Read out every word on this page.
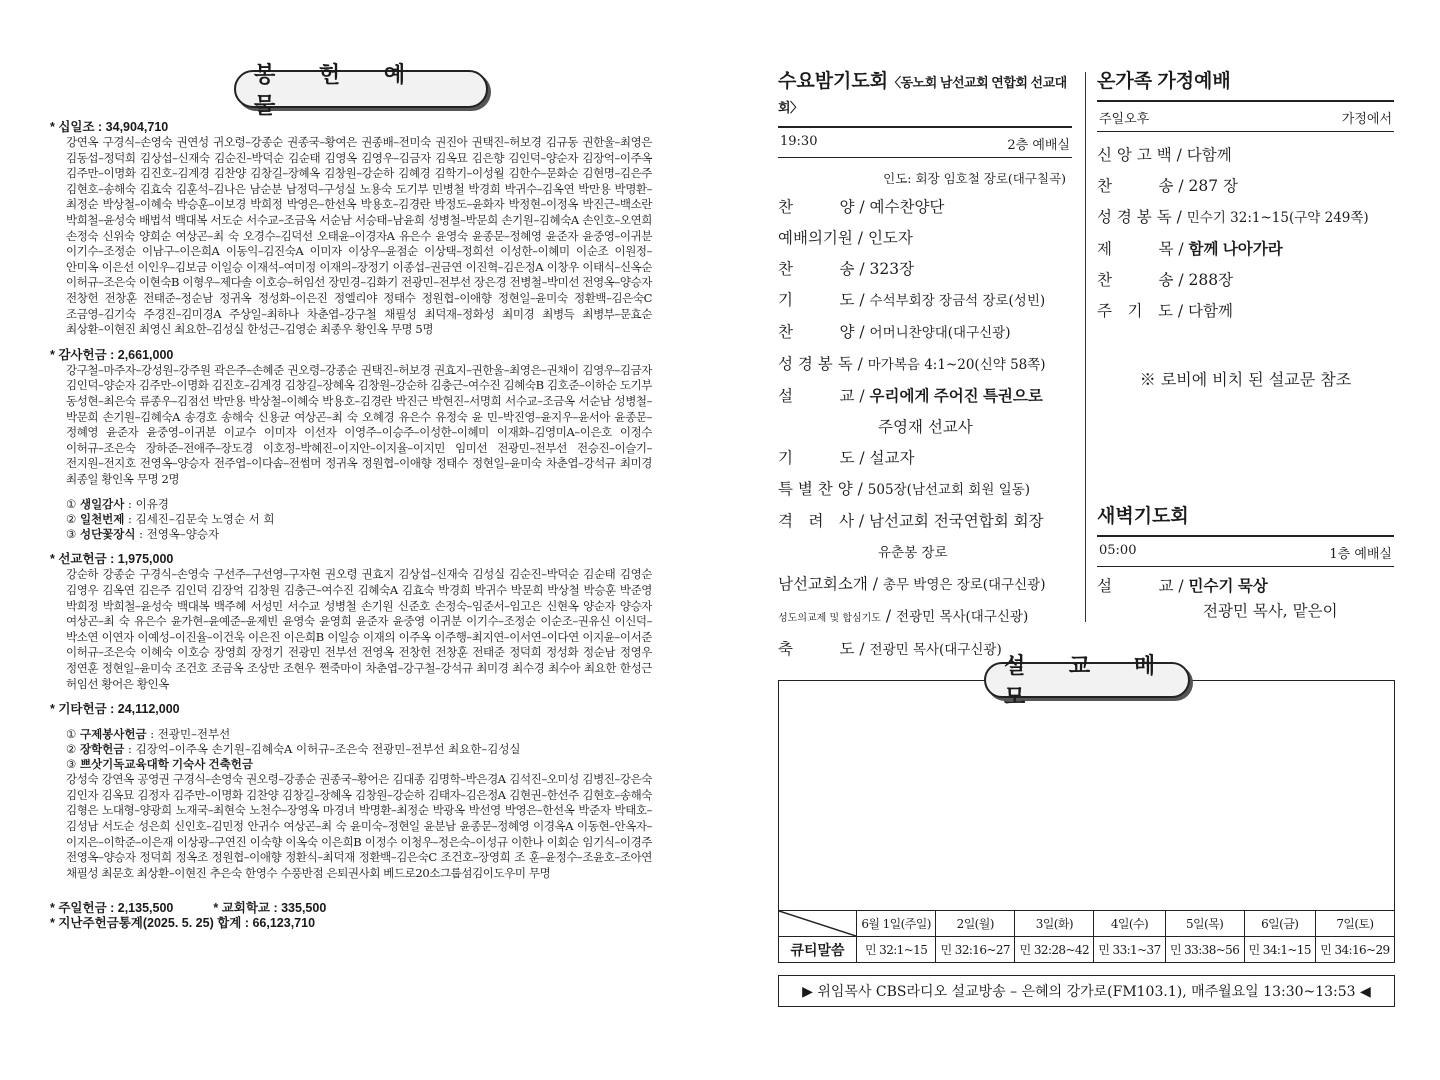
봉 헌 예 물
* 십일조 : 34,904,710
강연옥 구경식–손영숙 권연성 귀오령–강종순 권종국–황여은 권종배–전미숙 권진아 권택진–허보경 김규동 권한울–최영은 김동섭–정덕희 김상섭–신재숙 김순진–박덕순 김순태 김영옥 김영우–김금자 김옥묘 김은향 김인덕–양순자 김장억–이주옥 김주만–이명화 김진호–김계경 김찬양 김창길–장혜옥 김창원–강순하 김혜경 김학기–이성월 김한수–문화순 김현명–김은주 김현호–송해숙 김효숙 김훈석–김나은 남순분 남정덕–구성실 노용숙 도기부 민병철 박경희 박귀수–김옥연 박만용 박명환–최정순 박상철–이혜숙 박승훈–이보경 박희정 박영은–한선옥 박용호–김경란 박정도–윤화자 박정현–이정옥 박진근–백소란 박희철–윤성숙 배법석 백대복 서도순 서수교–조금옥 서순남 서승태–남윤희 성병철–박문희 손기원–김혜숙A 손인호–오연희 손정숙 신위숙 양희순 여상곤–최 숙 오경수–김덕선 오태윤–이경자A 유은수 윤영숙 윤종문–정혜영 윤준자 윤중영–이귀분 이기수–조정순 이남구–이은희A 이동익–김진숙A 이미자 이상우–윤점순 이상택–정희선 이성한–이혜미 이순조 이원정–안미옥 이은선 이인우–김보금 이일승 이재석–여미정 이재의–장정기 이종섭–권금연 이진혁–김은정A 이창우 이태식–신옥순 이허규–조은숙 이현숙B 이형우–제다솔 이호승–허임선 장민경–김화기 전광민–전부선 장은경 전병철–박미선 전영옥–양승자 전창헌 전창훈 전태준–정순남 정귀옥 정성화–이은진 정엘리야 정태수 정원협–이애향 정현일–윤미숙 정환백–김은숙C 조금영–김기숙 주경진–김미경A 주상일–최하나 차춘엽–강구철 채필성 최덕재–정화성 최미경 최병득 최병부–문효순 최상환–이현진 최영신 최요한–김성실 한성근–김영순 최종우 황인옥 무명 5명
* 감사헌금 : 2,661,000
강구철–마주자–강성원–강주원 곽은주–손혜준 권오령–강종순 권택진–허보경 권효지–권한울–최영은–권채이 김영우–김금자 김인덕–양순자 김주만–이명화 김진호–김계경 김창길–장혜옥 김창원–강순하 김충근–여수진 김혜숙B 김호준–이하순 도기부 동성현–최은숙 류종우–김점선 박만용 박상철–이혜숙 박용호–김경란 박진근 박현진–서명희 서수교–조금옥 서순남 성병철–박문희 손기원–김혜숙A 송경호 송해숙 신용균 여상곤–최 숙 오혜경 유은수 유정숙 윤 민–박진영–윤지우–윤서아 윤종문–정혜영 윤준자 윤중영–이귀분 이교수 이미자 이선자 이영주–이승주–이성한–이혜미 이재화–김영미A–이은호 이정수 이허규–조은숙 장하준–전애주–장도경 이호정–박혜진–이지안–이지율–이지민 임미선 전광민–전부선 전승진–이슬기–전지원–전지호 전영옥–양승자 전주엽–이다솜–전썸머 정귀옥 정원협–이애향 정태수 정현일–윤미숙 차춘엽–강석규 최미경 최종일 황인옥 무명 2명
① 생일감사 : 이유경
② 일천번제 : 김세진–김문숙 노영순 서 희
③ 성단꽃장식 : 전영옥–양승자
* 선교헌금 : 1,975,000
강순하 강종순 구경식–손영숙 구선주–구선영–구자현 권오령 권효지 김상섭–신재숙 김성실 김순진–박덕순 김순태 김영순 김영우 김옥연 김은주 김인덕 김장억 김창원 김충근–여수진 김혜숙A 김효숙 박경희 박귀수 박문희 박상철 박승훈 박준영 박희정 박희철–윤성숙 백대복 백주혜 서성민 서수교 성병철 손기원 신준호 손정숙–임준서–임고은 신현옥 양순자 양승자 여상곤–최 숙 유은수 윤가현–윤예준–윤제빈 윤영숙 윤영희 윤준자 윤중영 이귀분 이기수–조정순 이순조–권유신 이신덕–박소연 이연자 이예성–이진율–이건욱 이은진 이은희B 이일승 이재의 이주옥 이주행–최지연–이서연–이다연 이지윤–이서준 이허규–조은숙 이혜숙 이호승 장영희 장정기 전광민 전부선 전영옥 전창헌 전창훈 전태준 정덕희 정성화 정순남 정영우 정연훈 정현일–윤미숙 조건호 조금옥 조상만 조현우 쩐죽마이 차춘엽–강구철–강석규 최미경 최수경 최수아 최요한 한성근 허임선 황어은 황인옥
* 기타헌금 : 24,112,000
① 구제봉사헌금 : 전광민–전부선
② 장학헌금 : 김장억–이주옥 손기원–김혜숙A 이허규–조은숙 전광민–전부선 최요한–김성실
③ 쁘삿기독교육대학 기숙사 건축헌금
강성숙 강연옥 공영권 구경식–손영숙 권오령–강종순 권종국–황어은 김대종 김명학–박은경A 김석진–오미성 김병진–강은숙 김인자 김옥묘 김정자 김주만–이명화 김찬양 김창길–장혜옥 김창원–강순하 김태자–김은정A 김현권–한선주 김현호–송해숙 김형은 노대형–양광희 노재국–최현숙 노천수–장영옥 마경녀 박명환–최정순 박광옥 박선영 박영은–한선옥 박준자 박태호–김성남 서도순 성은희 신인호–김민정 안귀수 여상곤–최 숙 윤미숙–정현일 윤분남 윤종문–정혜영 이경옥A 이동현–안옥자–이지은–이학준–이은재 이상광–구연진 이숙향 이옥숙 이은희B 이정수 이청우–정은숙–이성규 이한나 이회순 임기식–이경주 전영옥–양승자 정덕희 정옥조 정원협–이애향 정환식–최덕재 정환백–김은숙C 조건호–장영희 조 훈–윤정수–조윤호–조아연 채필성 최문호 최상환–이현진 추은숙 한영수 수풍반점 은퇴권사회 베드로20소그룹섬김이도우미 무명
* 주일헌금 : 2,135,500	* 교회학교 : 335,500
* 지난주헌금통계(2025. 5. 25) 합계 : 66,123,710
수요밤기도회〈동노회 남선교회 연합회 선교대회〉
19:30	2층 예배실
인도: 회장 임호철 장로(대구칠곡)
찬　　　양 / 예수찬양단
예배의기원 / 인도자
찬　　　송 / 323장
기　　　도 / 수석부회장 장금석 장로(성빈)
찬　　　양 / 어머니찬양대(대구신광)
성 경 봉 독 / 마가복음 4:1~20(신약 58쪽)
설　　　교 / 우리에게 주어진 특권으로
주영재 선교사
기　　　도 / 설교자
특 별 찬 양 / 505장(남선교회 회원 일동)
격　려　사 / 남선교회 전국연합회 회장
유춘봉 장로
남선교회소개 / 총무 박영은 장로(대구신광)
성도의교제 및 합심기도 / 전광민 목사(대구신광)
축　　　도 / 전광민 목사(대구신광)
온가족 가정예배
주일오후	가정에서
신 앙 고 백 / 다함께
찬　　　송 / 287 장
성 경 봉 독 / 민수기 32:1~15(구약 249쪽)
제　　　목 / 함께 나아가라
찬　　　송 / 288장
주　기　도 / 다함께
※ 로비에 비치 된 설교문 참조
새벽기도회
05:00	1층 예배실
설　　　교 / 민수기 묵상
전광민 목사, 맡은이
설 교 메 모
	6월 1일(주일)	2일(월)	3일(화)	4일(수)	5일(목)	6일(금)	7일(토)
큐티말씀	민 32:1~15	민 32:16~27	민 32:28~42	민 33:1~37	민 33:38~56	민 34:1~15	민 34:16~29
▶ 위임목사 CBS라디오 설교방송 – 은혜의 강가로(FM103.1), 매주월요일 13:30~13:53 ◀
